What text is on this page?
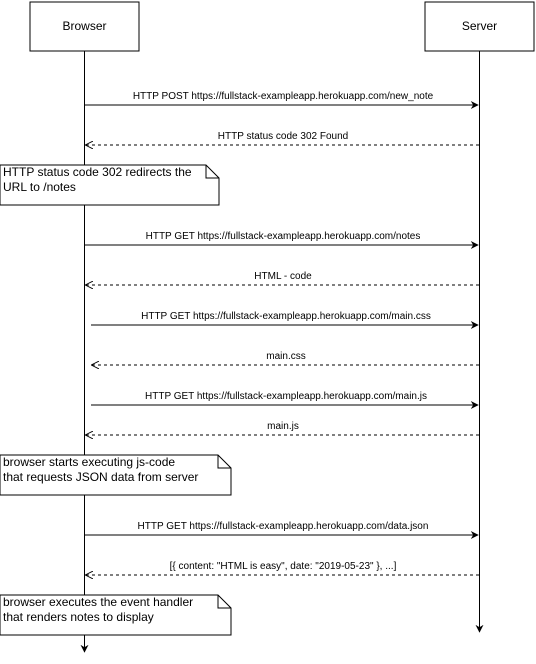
Browser	Server
HTTP POST https://fullstack-exampleapp.herokuapp.com/new_note
HTTP status code 302 Found
HTTP status code 302 redirects the
URL to /notes
HTTP GET https://fullstack-exampleapp.herokuapp.com/notes
HTML - code
HTTP GET https://fullstack-exampleapp.herokuapp.com/main.css
main.css
HTTP GET https://fullstack-exampleapp.herokuapp.com/main.js
main.js
browser starts executing js-code
that requests JSON data from server
HTTP GET https://fullstack-exampleapp.herokuapp.com/data.json
[{ content: "HTML is easy", date: "2019-05-23" }, ...]
browser executes the event handler
that renders notes to display
